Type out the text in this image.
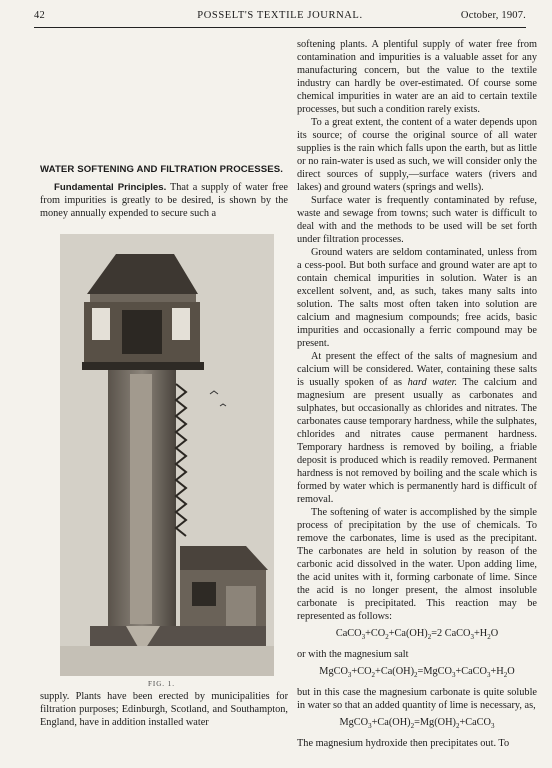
42	POSSELT'S TEXTILE JOURNAL.	October, 1907.
WATER SOFTENING AND FILTRATION PROCESSES.

Fundamental Principles. That a supply of water free from impurities is greatly to be desired, is shown by the money annually expended to secure such a

FIG. 1.

supply. Plants have been erected by municipalities for filtration purposes; Edinburgh, Scotland, and Southampton, England, have in addition installed water

softening plants. A plentiful supply of water free from contamination and impurities is a valuable asset for any manufacturing concern, but the value to the textile industry can hardly be over-estimated. Of course some chemical impurities in water are an aid to certain textile processes, but such a condition rarely exists.

To a great extent, the content of a water depends upon its source; of course the original source of all water supplies is the rain which falls upon the earth, but as little or no rain-water is used as such, we will consider only the direct sources of supply,—surface waters (rivers and lakes) and ground waters (springs and wells).

Surface water is frequently contaminated by refuse, waste and sewage from towns; such water is difficult to deal with and the methods to be used will be set forth under filtration processes.

Ground waters are seldom contaminated, unless from a cess-pool. But both surface and ground water are apt to contain chemical impurities in solution. Water is an excellent solvent, and, as such, takes many salts into solution. The salts most often taken into solution are calcium and magnesium compounds; free acids, basic impurities and occasionally a ferric compound may be present.

At present the effect of the salts of magnesium and calcium will be considered. Water, containing these salts is usually spoken of as hard water. The calcium and magnesium are present usually as carbonates and sulphates, but occasionally as chlorides and nitrates. The carbonates cause temporary hardness, while the sulphates, chlorides and nitrates cause permanent hardness. Temporary hardness is removed by boiling, a friable deposit is produced which is readily removed. Permanent hardness is not removed by boiling and the scale which is formed by water which is permanently hard is difficult of removal.

The softening of water is accomplished by the simple process of precipitation by the use of chemicals. To remove the carbonates, lime is used as the precipitant. The carbonates are held in solution by reason of the carbonic acid dissolved in the water. Upon adding lime, the acid unites with it, forming carbonate of lime. Since the acid is no longer present, the almost insoluble carbonate is precipitated. This reaction may be represented as follows:

$CaCO_3+CO_2+Ca(OH)_2=2$ $CaCO_3+H_2O$

or with the magnesium salt

$MgCO_3+CO_2+Ca(OH)_2=MgCO_3+CaCO_3+H_2O$

but in this case the magnesium carbonate is quite soluble in water so that an added quantity of lime is necessary, as,

$MgCO_3+Ca(OH)_2=Mg(OH)_2+CaCO_3$

The magnesium hydroxide then precipitates out. To
